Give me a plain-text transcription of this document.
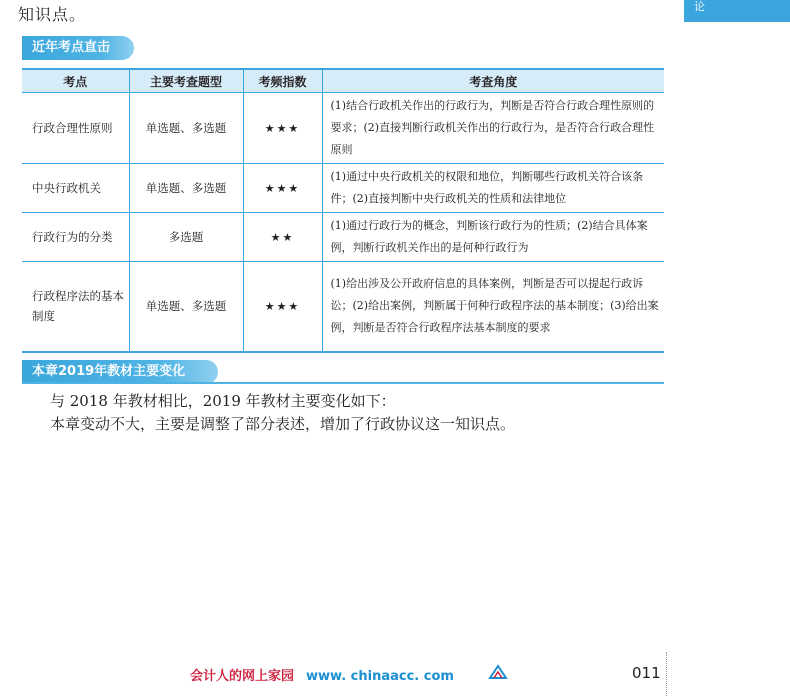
知识点。	论
近年考点直击
考点	主要考查题型	考频指数	考查角度
行政合理性原则	单选题、多选题	★★★	(1)结合行政机关作出的行政行为，判断是否符合行政合理性原则的要求；(2)直接判断行政机关作出的行政行为，是否符合行政合理性原则
中央行政机关	单选题、多选题	★★★	(1)通过中央行政机关的权限和地位，判断哪些行政机关符合该条件；(2)直接判断中央行政机关的性质和法律地位
行政行为的分类	多选题	★★	(1)通过行政行为的概念，判断该行政行为的性质；(2)结合具体案例，判断行政机关作出的是何种行政行为
行政程序法的基本制度	单选题、多选题	★★★	(1)给出涉及公开政府信息的具体案例，判断是否可以提起行政诉讼；(2)给出案例，判断属于何种行政程序法的基本制度；(3)给出案例，判断是否符合行政程序法基本制度的要求
本章2019年教材主要变化
与 2018 年教材相比，2019 年教材主要变化如下：
本章变动不大，主要是调整了部分表述，增加了行政协议这一知识点。
会计人的网上家园 www. chinaacc. com	011
